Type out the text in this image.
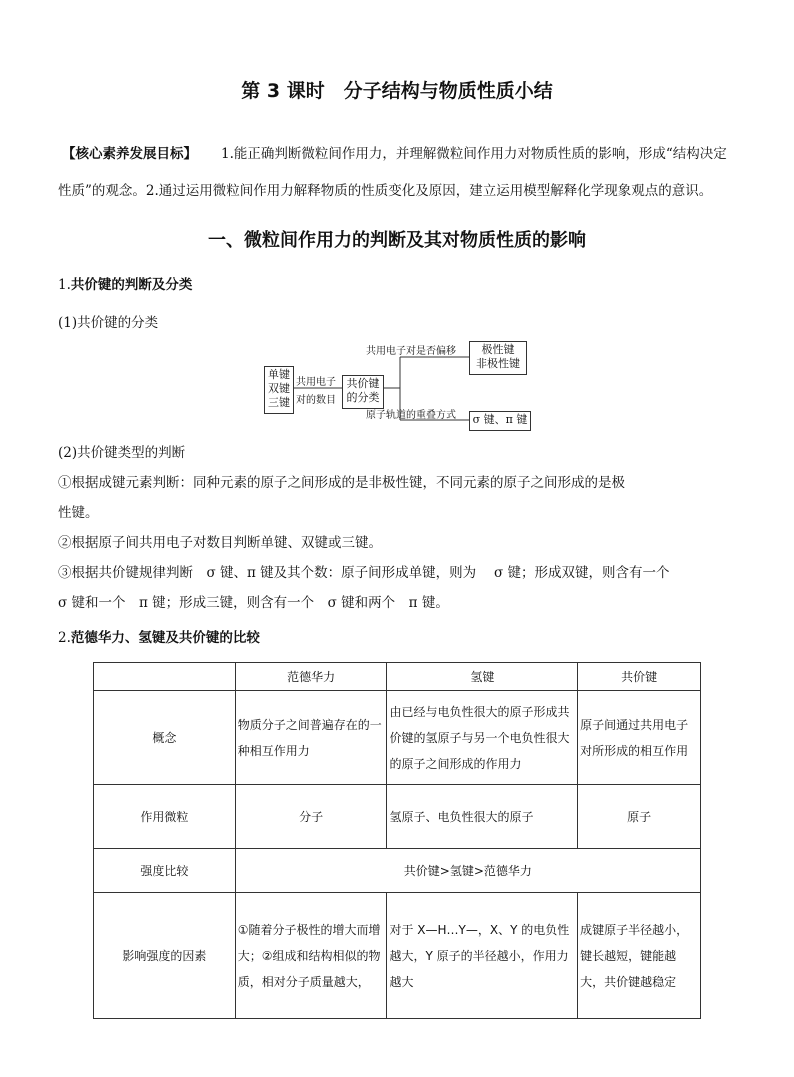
第 3 课时　分子结构与物质性质小结
【核心素养发展目标】 1.能正确判断微粒间作用力，并理解微粒间作用力对物质性质的影响，形成“结构决定
性质”的观念。2.通过运用微粒间作用力解释物质的性质变化及原因，建立运用模型解释化学现象观点的意识。
一、微粒间作用力的判断及其对物质性质的影响
1.共价键的判断及分类
(1)共价键的分类
单键
双键
三键
共用电子
对的数目
共价键
的分类
共用电子对是否偏移	极性键
非极性键
原子轨道的重叠方式	σ 键、π 键
(2)共价键类型的判断
①根据成键元素判断：同种元素的原子之间形成的是非极性键，不同元素的原子之间形成的是极
性键。
②根据原子间共用电子对数目判断单键、双键或三键。
③根据共价键规律判断　σ 键、π 键及其个数：原子间形成单键，则为　 σ 键；形成双键，则含有一个
σ 键和一个　π 键；形成三键，则含有一个　σ 键和两个　π 键。
2.范德华力、氢键及共价键的比较
	范德华力	氢键	共价键
概念	物质分子之间普遍存在的一种相互作用力	由已经与电负性很大的原子形成共价键的氢原子与另一个电负性很大的原子之间形成的作用力	原子间通过共用电子对所形成的相互作用
作用微粒	分子	氢原子、电负性很大的原子	原子
强度比较	共价键>氢键>范德华力		
影响强度的因素	①随着分子极性的增大而增大；②组成和结构相似的物质，相对分子质量越大，	对于 X—H…Y—，X、Y 的电负性越大，Y 原子的半径越小，作用力越大	成键原子半径越小，键长越短，键能越大，共价键越稳定
